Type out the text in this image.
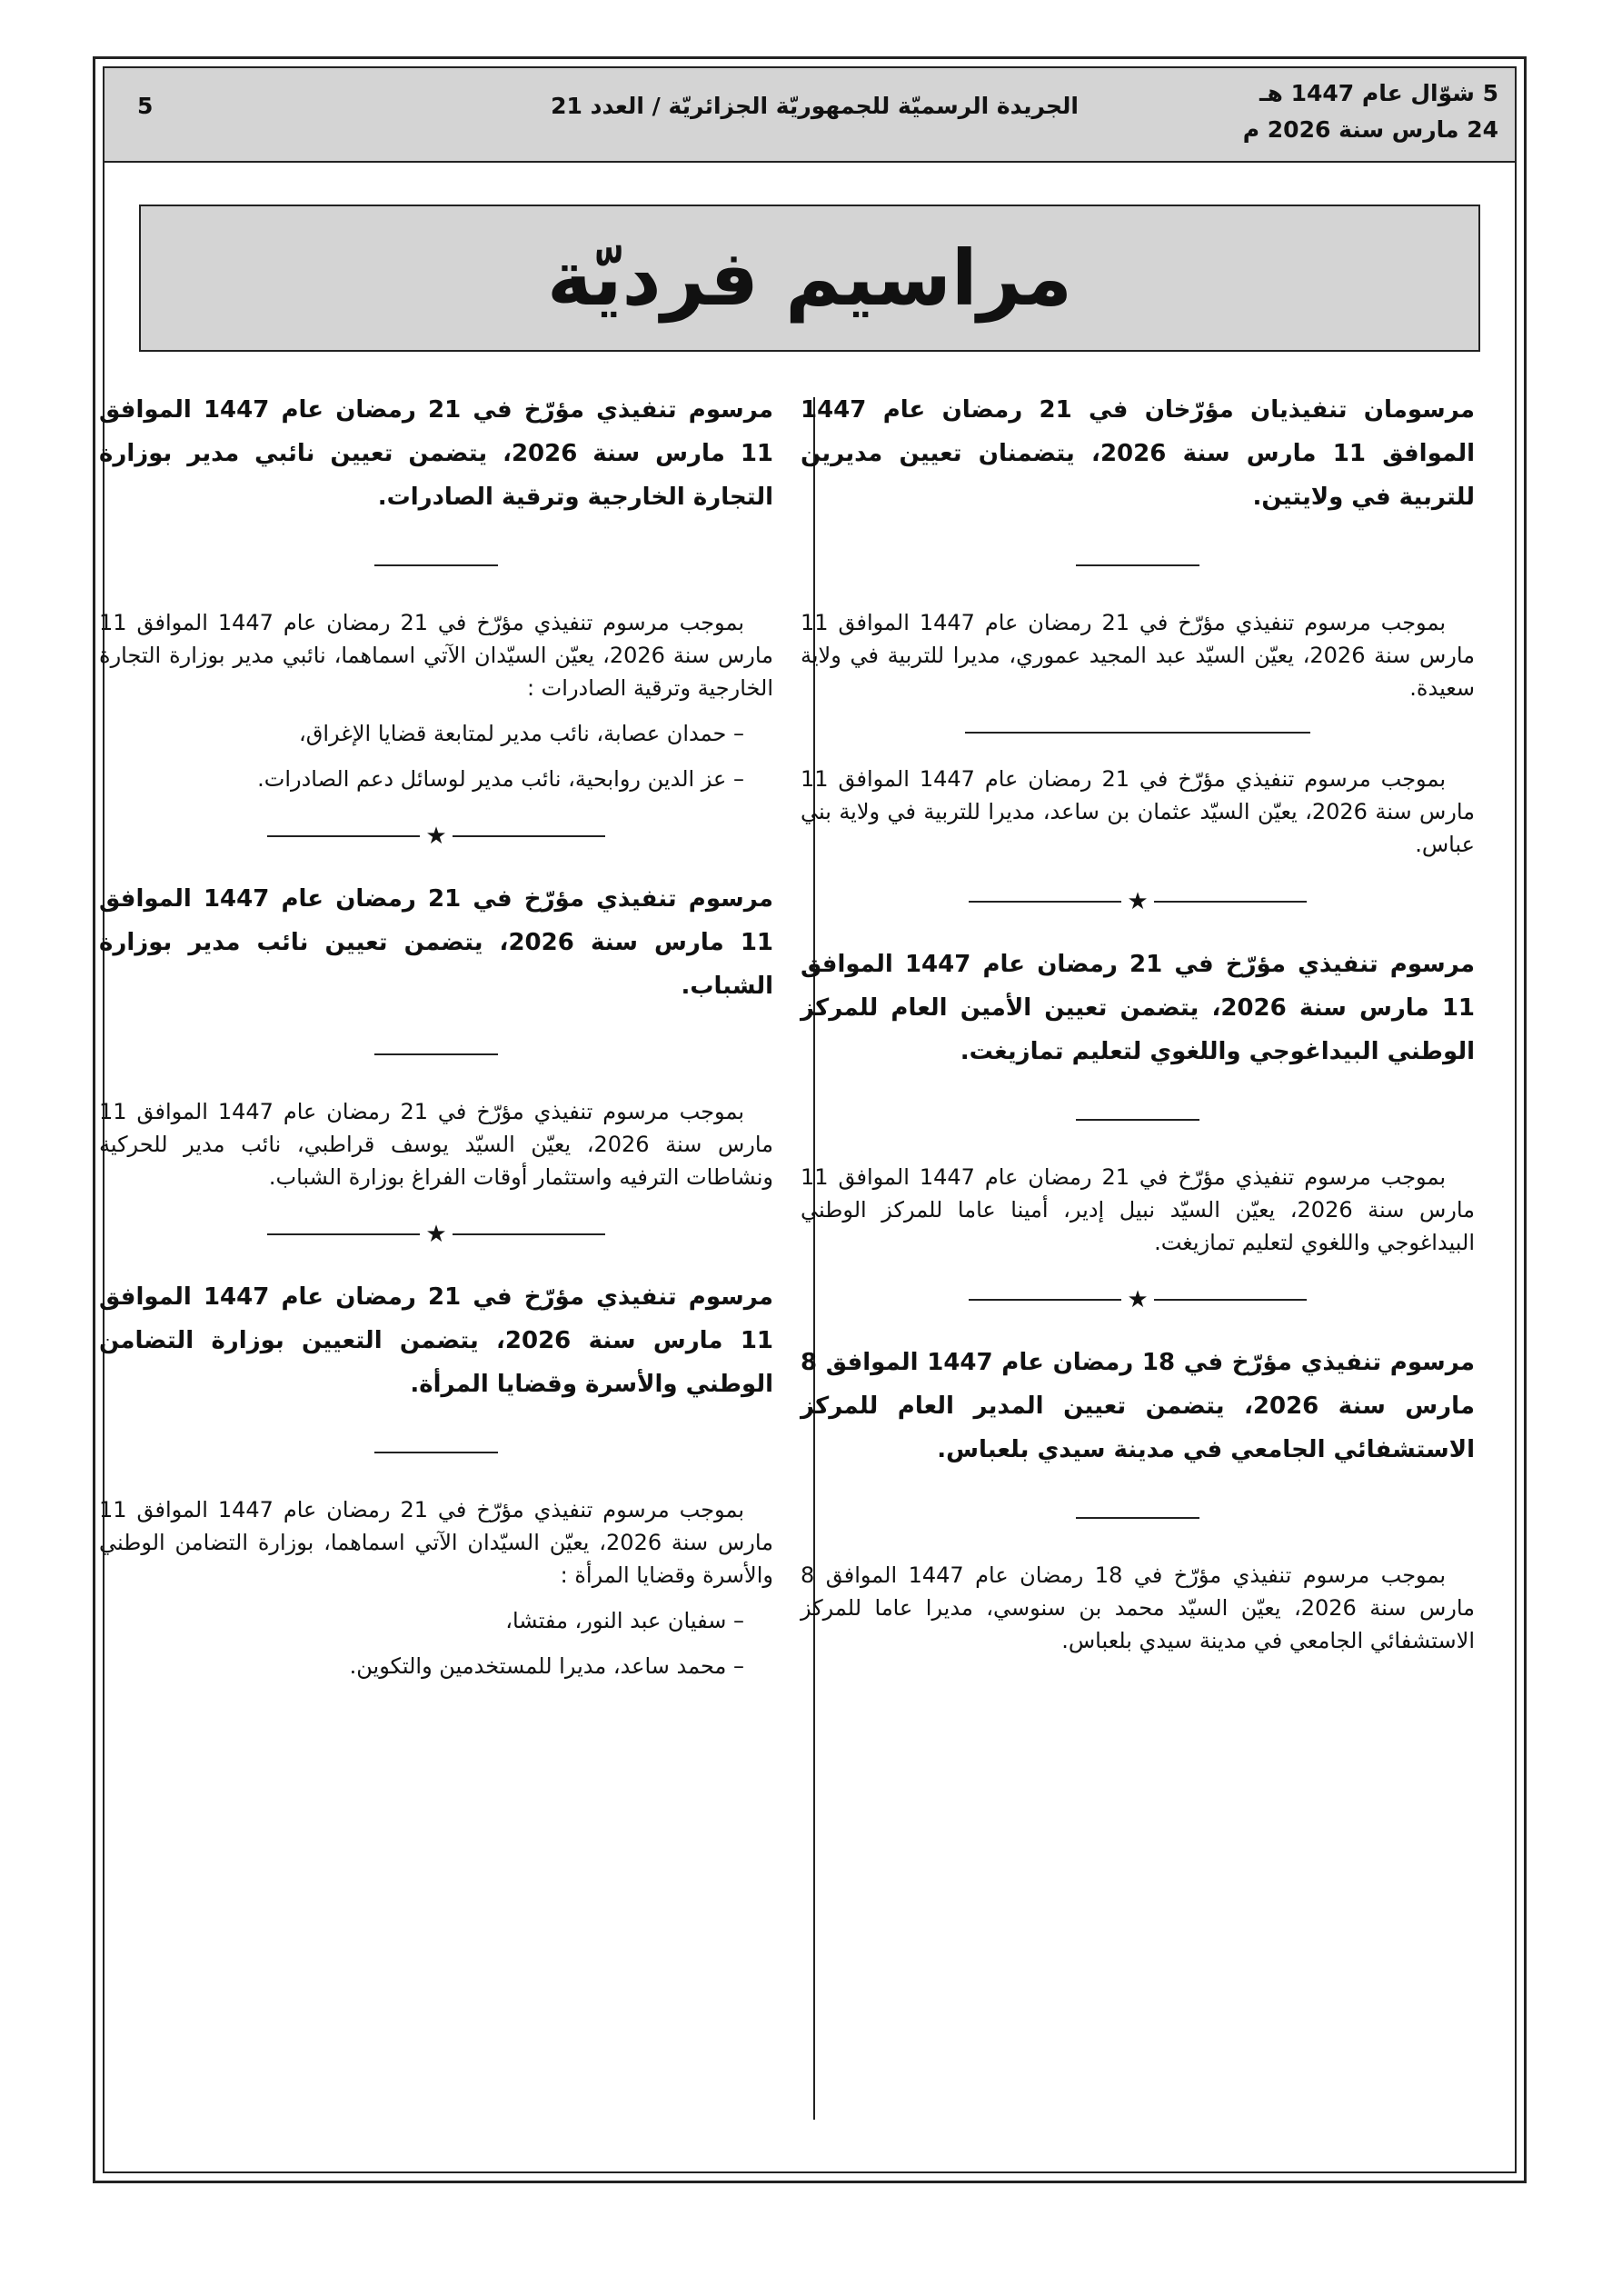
5 شوّال عام 1447 هـ
24 مارس سنة 2026 م
الجريدة الرسميّة للجمهوريّة الجزائريّة / العدد 21
5
مراسيم فرديّة

مرسومان تنفيذيان مؤرّخان في 21 رمضان عام 1447 الموافق 11 مارس سنة 2026، يتضمنان تعيين مديرين للتربية في ولايتين.

بموجب مرسوم تنفيذي مؤرّخ في 21 رمضان عام 1447 الموافق 11 مارس سنة 2026، يعيّن السيّد عبد المجيد عموري، مديرا للتربية في ولاية سعيدة.

بموجب مرسوم تنفيذي مؤرّخ في 21 رمضان عام 1447 الموافق 11 مارس سنة 2026، يعيّن السيّد عثمان بن ساعد، مديرا للتربية في ولاية بني عباس.

★

مرسوم تنفيذي مؤرّخ في 21 رمضان عام 1447 الموافق 11 مارس سنة 2026، يتضمن تعيين الأمين العام للمركز الوطني البيداغوجي واللغوي لتعليم تمازيغت.

بموجب مرسوم تنفيذي مؤرّخ في 21 رمضان عام 1447 الموافق 11 مارس سنة 2026، يعيّن السيّد نبيل إدير، أمينا عاما للمركز الوطني البيداغوجي واللغوي لتعليم تمازيغت.

★

مرسوم تنفيذي مؤرّخ في 18 رمضان عام 1447 الموافق 8 مارس سنة 2026، يتضمن تعيين المدير العام للمركز الاستشفائي الجامعي في مدينة سيدي بلعباس.

بموجب مرسوم تنفيذي مؤرّخ في 18 رمضان عام 1447 الموافق 8 مارس سنة 2026، يعيّن السيّد محمد بن سنوسي، مديرا عاما للمركز الاستشفائي الجامعي في مدينة سيدي بلعباس.

مرسوم تنفيذي مؤرّخ في 21 رمضان عام 1447 الموافق 11 مارس سنة 2026، يتضمن تعيين نائبي مدير بوزارة التجارة الخارجية وترقية الصادرات.

بموجب مرسوم تنفيذي مؤرّخ في 21 رمضان عام 1447 الموافق 11 مارس سنة 2026، يعيّن السيّدان الآتي اسماهما، نائبي مدير بوزارة التجارة الخارجية وترقية الصادرات :

– حمدان عصابة، نائب مدير لمتابعة قضايا الإغراق،

– عز الدين روابحية، نائب مدير لوسائل دعم الصادرات.

★

مرسوم تنفيذي مؤرّخ في 21 رمضان عام 1447 الموافق 11 مارس سنة 2026، يتضمن تعيين نائب مدير بوزارة الشباب.

بموجب مرسوم تنفيذي مؤرّخ في 21 رمضان عام 1447 الموافق 11 مارس سنة 2026، يعيّن السيّد يوسف قراطبي، نائب مدير للحركية ونشاطات الترفيه واستثمار أوقات الفراغ بوزارة الشباب.

★

مرسوم تنفيذي مؤرّخ في 21 رمضان عام 1447 الموافق 11 مارس سنة 2026، يتضمن التعيين بوزارة التضامن الوطني والأسرة وقضايا المرأة.

بموجب مرسوم تنفيذي مؤرّخ في 21 رمضان عام 1447 الموافق 11 مارس سنة 2026، يعيّن السيّدان الآتي اسماهما، بوزارة التضامن الوطني والأسرة وقضايا المرأة :

– سفيان عبد النور، مفتشا،

– محمد ساعد، مديرا للمستخدمين والتكوين.
